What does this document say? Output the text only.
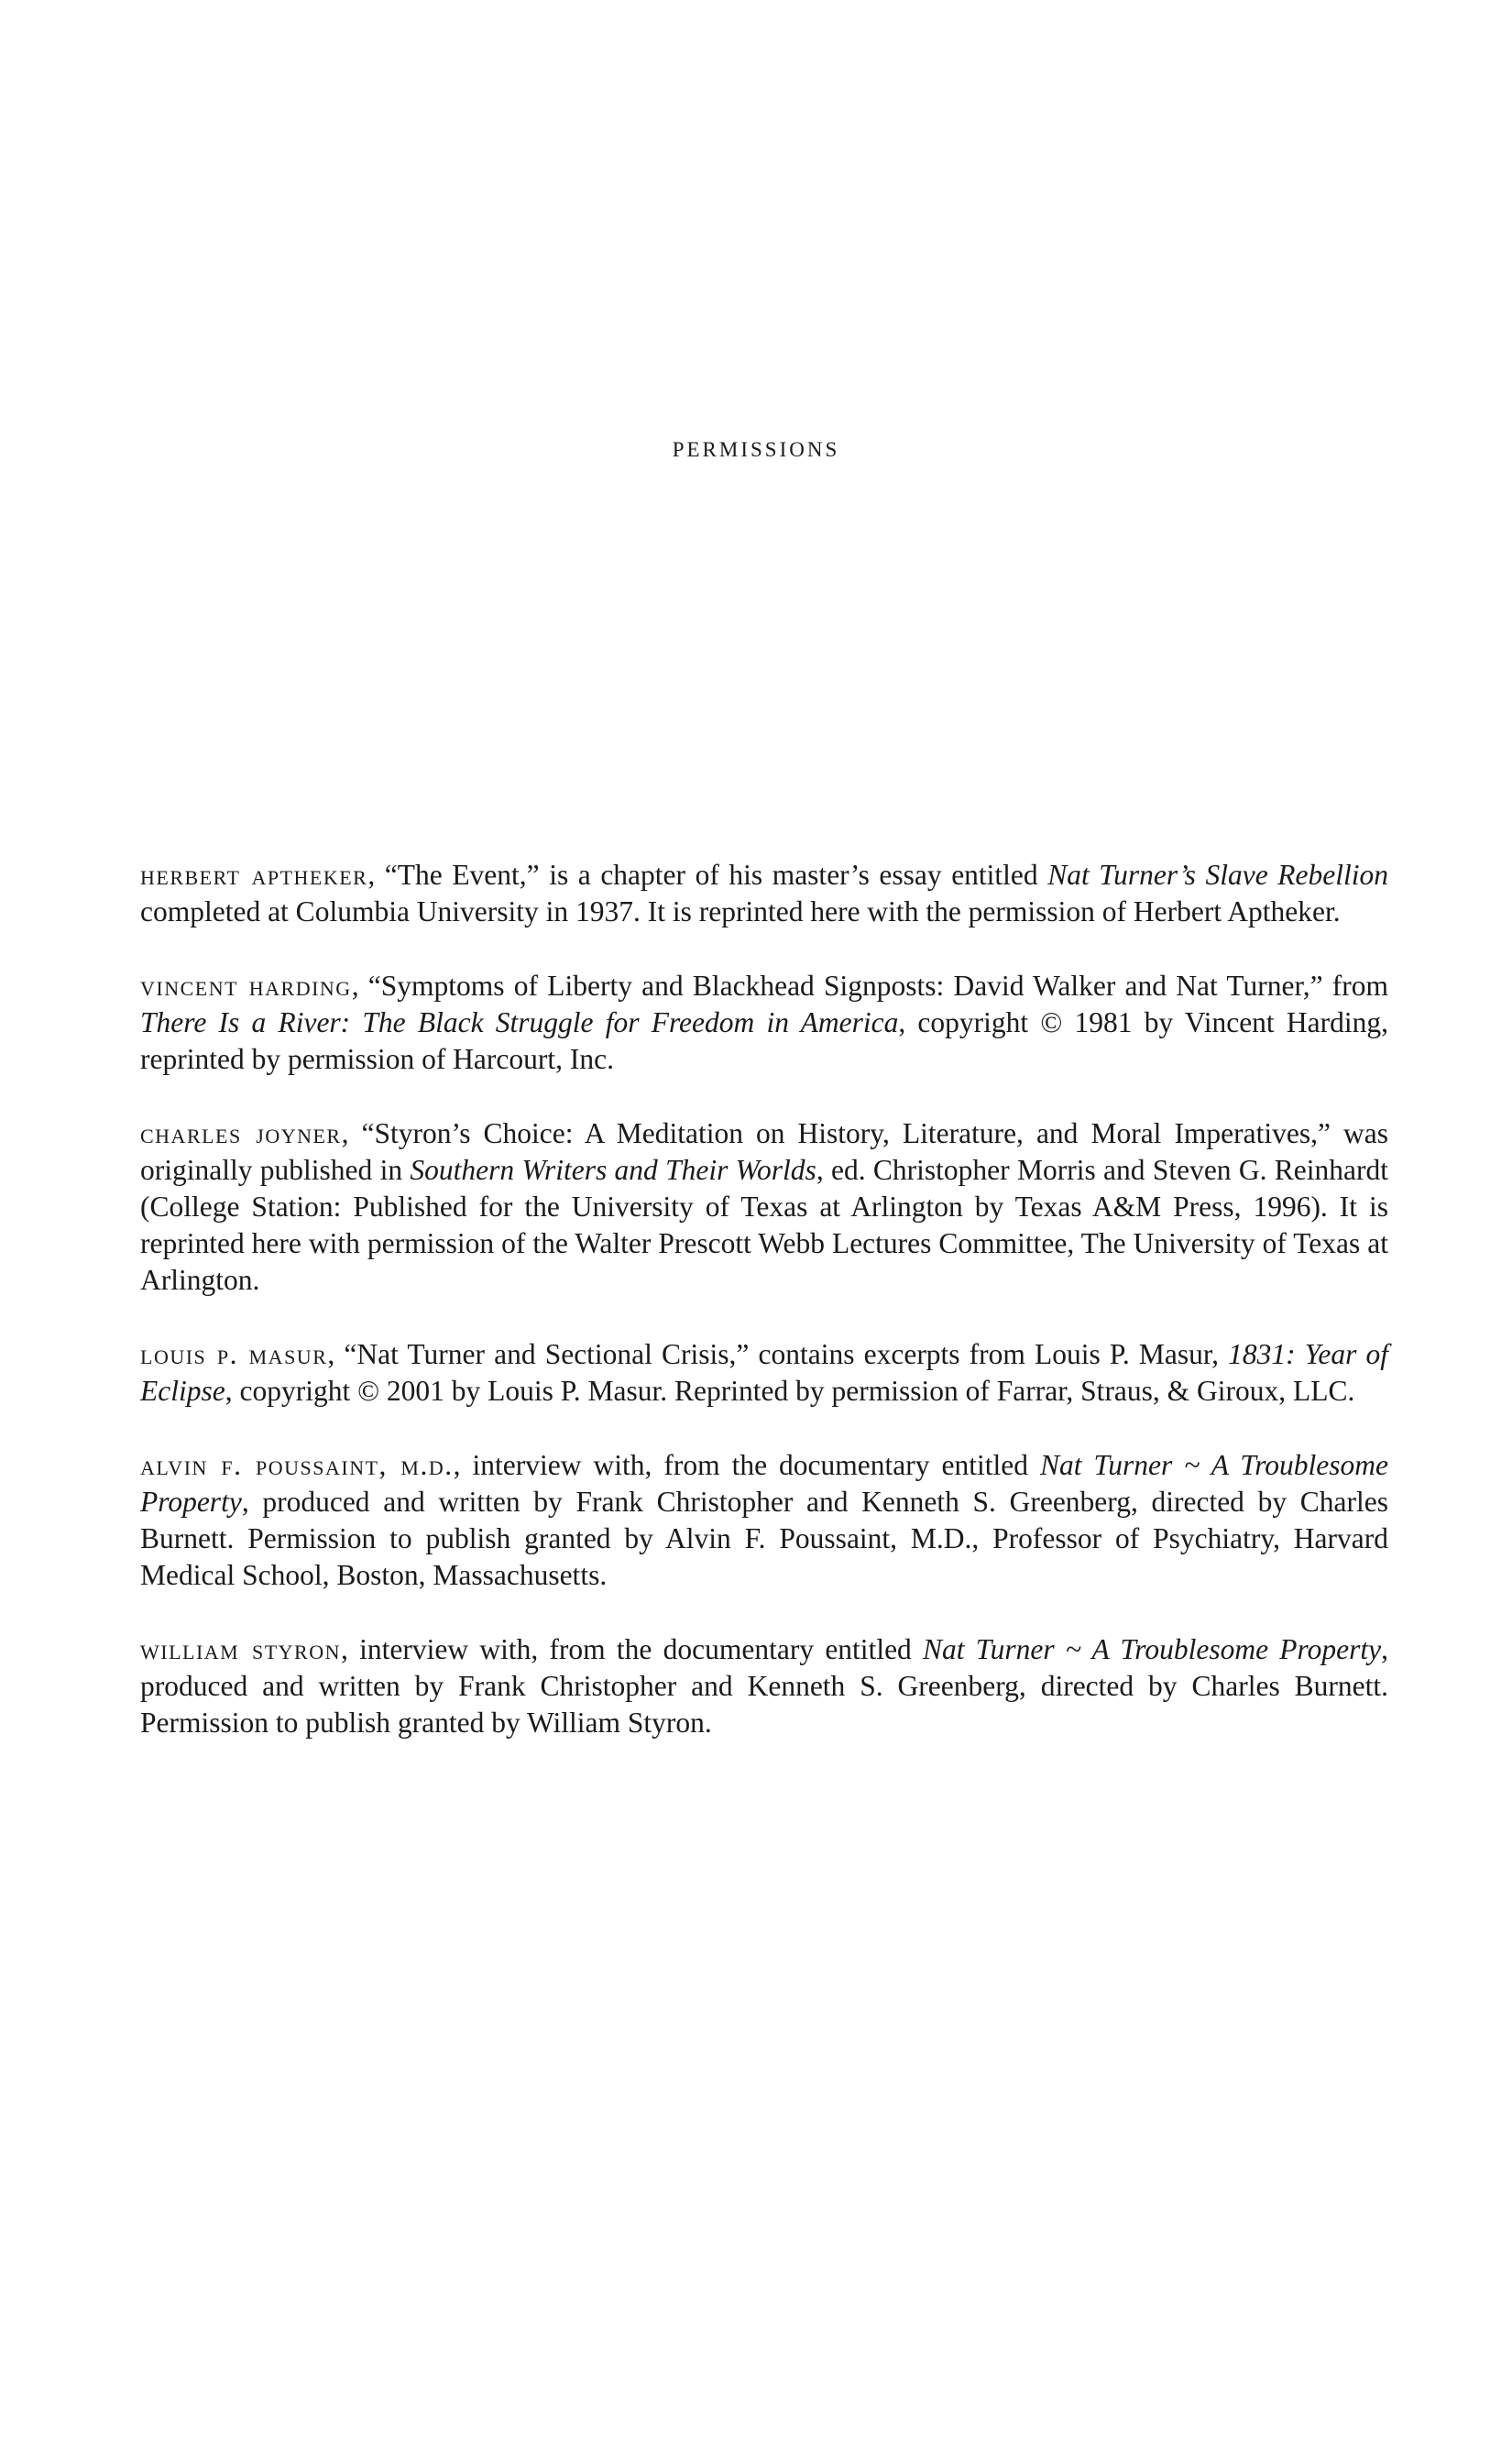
permissions

herbert aptheker, “The Event,” is a chapter of his master’s essay entitled Nat Turner’s Slave Rebellion completed at Columbia University in 1937. It is reprinted here with the permission of Herbert Aptheker.

vincent harding, “Symptoms of Liberty and Blackhead Signposts: David Walker and Nat Turner,” from There Is a River: The Black Struggle for Freedom in America, copyright © 1981 by Vincent Harding, reprinted by permission of Harcourt, Inc.

charles joyner, “Styron’s Choice: A Meditation on History, Literature, and Moral Imperatives,” was originally published in Southern Writers and Their Worlds, ed. Christopher Morris and Steven G. Reinhardt (College Station: Published for the University of Texas at Arlington by Texas A&M Press, 1996). It is reprinted here with permission of the Walter Prescott Webb Lectures Committee, The University of Texas at Arlington.

louis p. masur, “Nat Turner and Sectional Crisis,” contains excerpts from Louis P. Masur, 1831: Year of Eclipse, copyright © 2001 by Louis P. Masur. Reprinted by permission of Farrar, Straus, & Giroux, LLC.

alvin f. poussaint, m.d., interview with, from the documentary entitled Nat Turner ~ A Troublesome Property, produced and written by Frank Christopher and Kenneth S. Greenberg, directed by Charles Burnett. Permission to publish granted by Alvin F. Poussaint, M.D., Professor of Psychiatry, Harvard Medical School, Boston, Massachusetts.

william styron, interview with, from the documentary entitled Nat Turner ~ A Troublesome Property, produced and written by Frank Christopher and Kenneth S. Greenberg, directed by Charles Burnett. Permission to publish granted by William Styron.
